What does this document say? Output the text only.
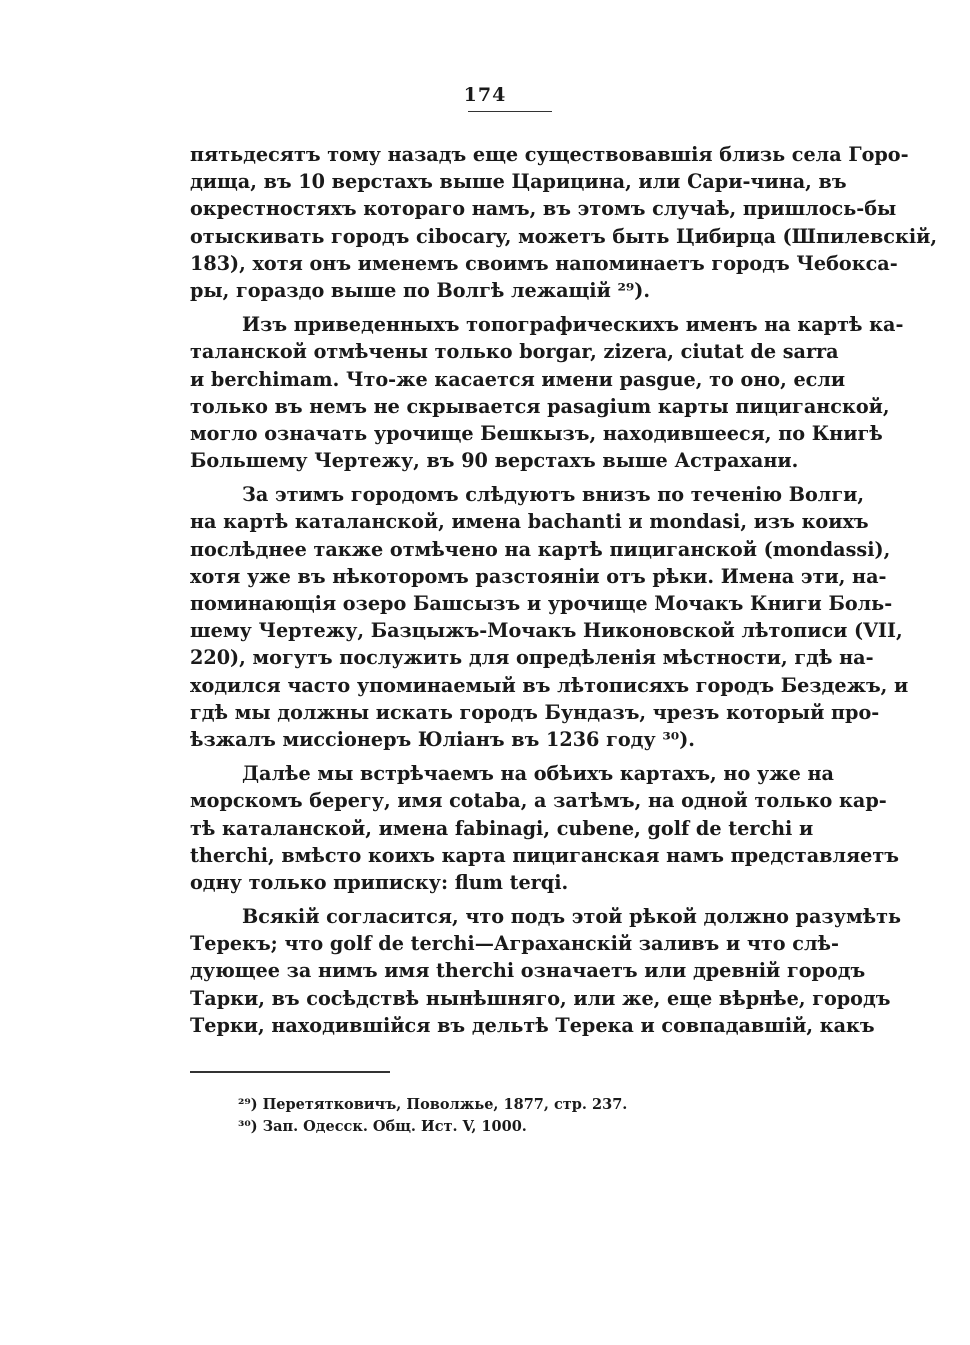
174
пятьдесятъ тому назадъ еще существовавшія близь села Горо-
дища, въ 10 верстахъ выше Царицина, или Сари-чина, въ
окрестностяхъ котораго намъ, въ этомъ случаѣ, пришлось-бы
отыскивать городъ cibocary, можетъ быть Цибирца (Шпилевскій,
183), хотя онъ именемъ своимъ напоминаетъ городъ Чебокса-
ры, гораздо выше по Волгѣ лежащій ²⁹).
Изъ приведенныхъ топографическихъ именъ на картѣ ка-
таланской отмѣчены только borgar, zizera, ciutat de sarra
и berchimam. Что-же касается имени pasgue, то оно, если
только въ немъ не скрывается pasagium карты пициганской,
могло означать урочище Бешкызъ, находившееся, по Книгѣ
Большему Чертежу, въ 90 верстахъ выше Астрахани.
За этимъ городомъ слѣдуютъ внизъ по теченію Волги,
на картѣ каталанской, имена bachanti и mondasi, изъ коихъ
послѣднее также отмѣчено на картѣ пициганской (mondassi),
хотя уже въ нѣкоторомъ разстояніи отъ рѣки. Имена эти, на-
поминающія озеро Башсызъ и урочище Мочакъ Книги Боль-
шему Чертежу, Базцыжъ-Мочакъ Никоновской лѣтописи (VII,
220), могутъ послужить для опредѣленія мѣстности, гдѣ на-
ходился часто упоминаемый въ лѣтописяхъ городъ Бездежъ, и
гдѣ мы должны искать городъ Бундазъ, чрезъ который про-
ѣзжалъ миссіонеръ Юліанъ въ 1236 году ³⁰).
Далѣе мы встрѣчаемъ на обѣихъ картахъ, но уже на
морскомъ берегу, имя cotaba, а затѣмъ, на одной только кар-
тѣ каталанской, имена fabinagi, cubene, golf de terchi и
therchi, вмѣсто коихъ карта пициганская намъ представляетъ
одну только приписку: flum terqi.
Всякій согласится, что подъ этой рѣкой должно разумѣть
Терекъ; что golf de terchi—Аграханскій заливъ и что слѣ-
дующее за нимъ имя therchi означаетъ или древній городъ
Тарки, въ сосѣдствѣ нынѣшняго, или же, еще вѣрнѣе, городъ
Терки, находившійся въ дельтѣ Терека и совпадавшій, какъ
²⁹) Перетятковичъ, Поволжье, 1877, стр. 237.
³⁰) Зап. Одесск. Общ. Ист. V, 1000.
